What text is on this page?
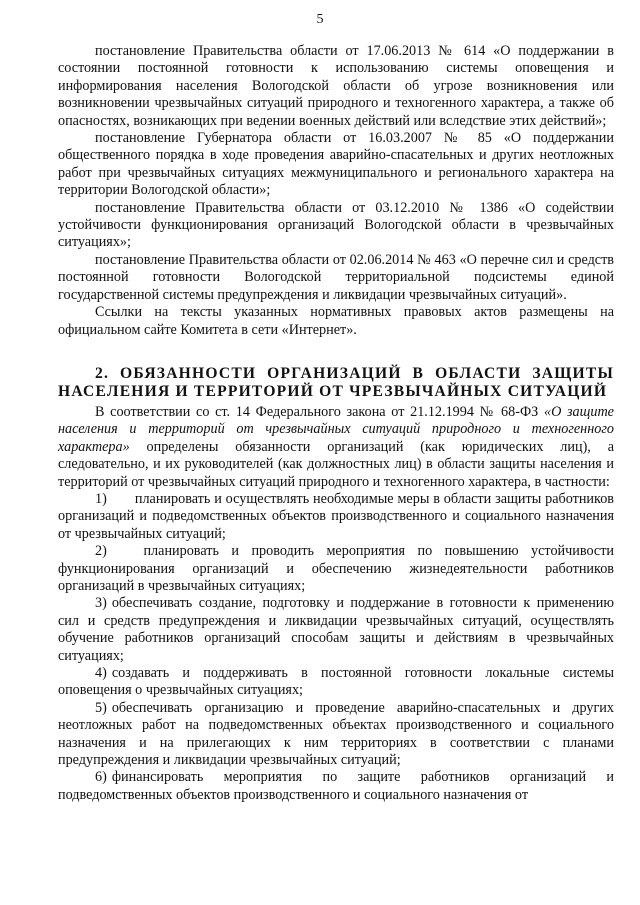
5

постановление Правительства области от 17.06.2013 № 614 «О поддержании в состоянии постоянной готовности к использованию системы оповещения и информирования населения Вологодской области об угрозе возникновения или возникновении чрезвычайных ситуаций природного и техногенного характера, а также об опасностях, возникающих при ведении военных действий или вследствие этих действий»;

постановление Губернатора области от 16.03.2007 № 85 «О поддержании общественного порядка в ходе проведения аварийно-спасательных и других неотложных работ при чрезвычайных ситуациях межмуниципального и регионального характера на территории Вологодской области»;

постановление Правительства области от 03.12.2010 № 1386 «О содействии устойчивости функционирования организаций Вологодской области в чрезвычайных ситуациях»;

постановление Правительства области от 02.06.2014 № 463 «О перечне сил и средств постоянной готовности Вологодской территориальной подсистемы единой государственной системы предупреждения и ликвидации чрезвычайных ситуаций».

Ссылки на тексты указанных нормативных правовых актов размещены на официальном сайте Комитета в сети «Интернет».

2. ОБЯЗАННОСТИ ОРГАНИЗАЦИЙ В ОБЛАСТИ ЗАЩИТЫ НАСЕЛЕНИЯ И ТЕРРИТОРИЙ ОТ ЧРЕЗВЫЧАЙНЫХ СИТУАЦИЙ

В соответствии со ст. 14 Федерального закона от 21.12.1994 № 68-ФЗ «О защите населения и территорий от чрезвычайных ситуаций природного и техногенного характера» определены обязанности организаций (как юридических лиц), а следовательно, и их руководителей (как должностных лиц) в области защиты населения и территорий от чрезвычайных ситуаций природного и техногенного характера, в частности:

1) планировать и осуществлять необходимые меры в области защиты работников организаций и подведомственных объектов производственного и социального назначения от чрезвычайных ситуаций;

2)	планировать и проводить мероприятия по повышению устойчивости функционирования организаций и обеспечению жизнедеятельности работников организаций в чрезвычайных ситуациях;

3) обеспечивать создание, подготовку и поддержание в готовности к применению сил и средств предупреждения и ликвидации чрезвычайных ситуаций, осуществлять обучение работников организаций способам защиты и действиям в чрезвычайных ситуациях;

4) создавать и поддерживать в постоянной готовности локальные системы оповещения о чрезвычайных ситуациях;

5) обеспечивать организацию и проведение аварийно-спасательных и других неотложных работ на подведомственных объектах производственного и социального назначения и на прилегающих к ним территориях в соответствии с планами предупреждения и ликвидации чрезвычайных ситуаций;

6) финансировать мероприятия по защите работников организаций и подведомственных объектов производственного и социального назначения от
